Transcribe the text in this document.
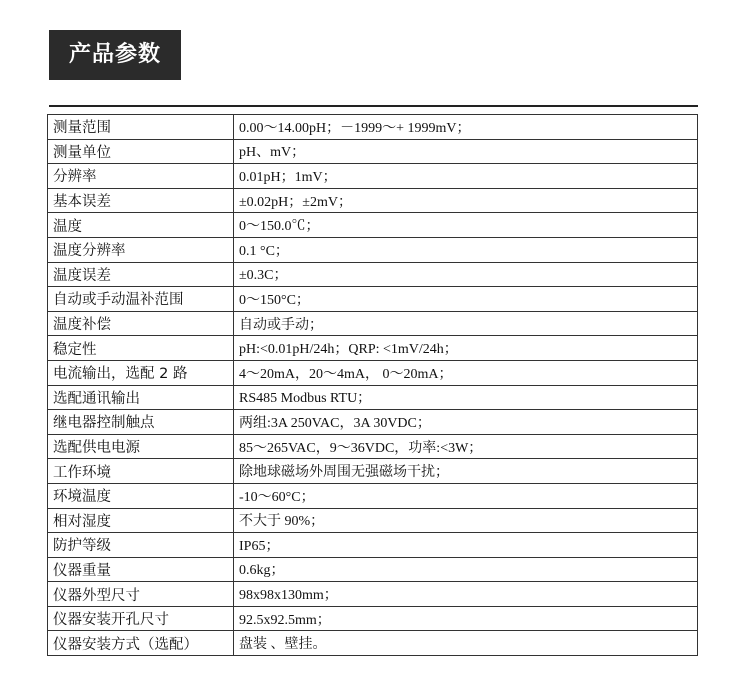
产品参数
测量范围	0.00～14.00pH；－1999～+ 1999mV；
测量单位	pH、mV；
分辨率	0.01pH；1mV；
基本误差	±0.02pH；±2mV；
温度	0～150.0℃；
温度分辨率	0.1 °C；
温度误差	±0.3C；
自动或手动温补范围	0～150°C；
温度补偿	自动或手动；
稳定性	pH:<0.01pH/24h；QRP: <1mV/24h；
电流输出，选配 2 路	4～20mA，20～4mA， 0～20mA；
选配通讯输出	RS485 Modbus RTU；
继电器控制触点	两组:3A 250VAC，3A 30VDC；
选配供电电源	85～265VAC，9～36VDC，功率:<3W；
工作环境	除地球磁场外周围无强磁场干扰；
环境温度	-10～60°C；
相对湿度	不大于 90%；
防护等级	IP65；
仪器重量	0.6kg；
仪器外型尺寸	98x98x130mm；
仪器安装开孔尺寸	92.5x92.5mm；
仪器安装方式（选配）	盘装 、壁挂。
